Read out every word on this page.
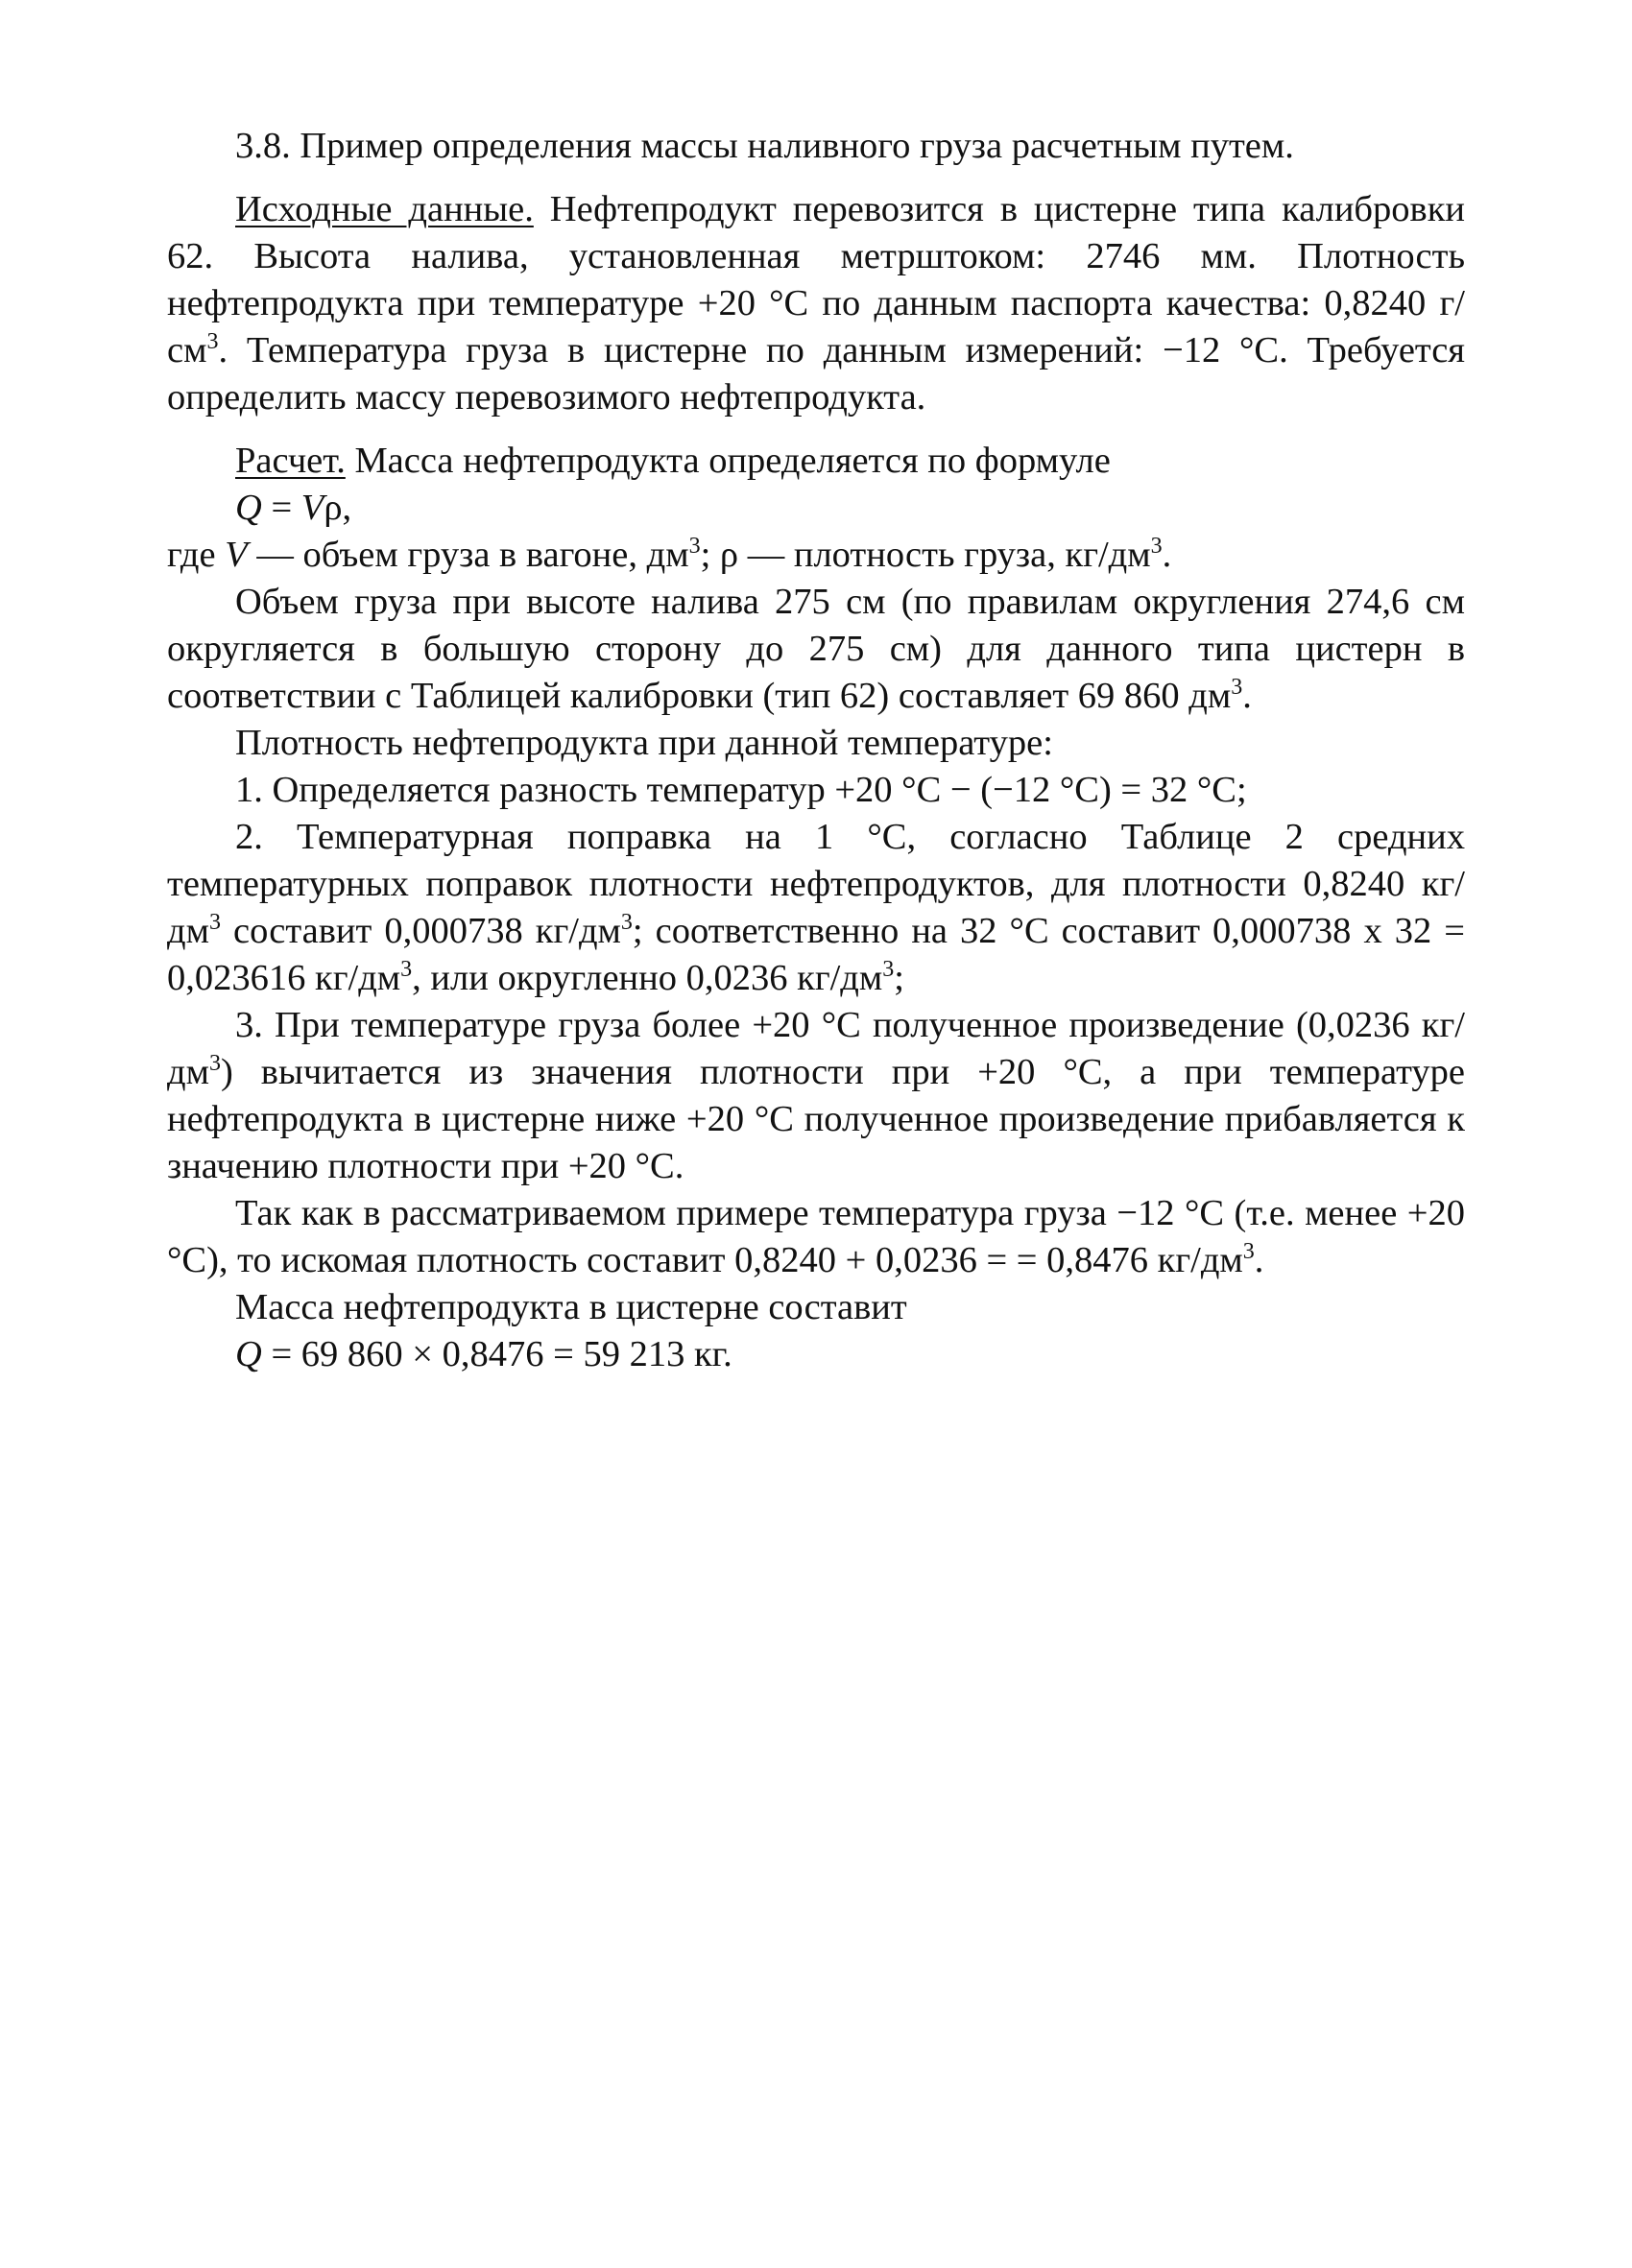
3.8. Пример определения массы наливного груза расчетным путем.

Исходные данные. Нефтепродукт перевозится в цистерне типа калибровки 62. Высота налива, установленная метрштоком: 2746 мм. Плотность нефтепродукта при температуре +20 °С по данным паспорта качества: 0,8240 $г/см^3$. Температура груза в цистерне по данным измерений: −12 °С. Требуется определить массу перевозимого нефтепродукта.

Расчет. Масса нефтепродукта определяется по формуле

Q = Vρ,

где V — объем груза в вагоне, $дм^3$; ρ — плотность груза, $кг/дм^3$.

Объем груза при высоте налива 275 см (по правилам округления 274,6 см округляется в большую сторону до 275 см) для данного типа цистерн в соответствии с Таблицей калибровки (тип 62) составляет 69 860 $дм^3$.

Плотность нефтепродукта при данной температуре:

1. Определяется разность температур +20 °С − (−12 °С) = 32 °С;

2. Температурная поправка на 1 °С, согласно Таблице 2 средних температурных поправок плотности нефтепродуктов, для плотности 0,8240 $кг/дм^3$ составит 0,000738 $кг/дм^3$; соответственно на 32 °С составит 0,000738 х 32 = 0,023616 $кг/дм^3$, или округленно 0,0236 $кг/дм^3$;

3. При температуре груза более +20 °С полученное произведение (0,0236 $кг/дм^3$) вычитается из значения плотности при +20 °С, а при температуре нефтепродукта в цистерне ниже +20 °С полученное произведение прибавляется к значению плотности при +20 °С.

Так как в рассматриваемом примере температура груза −12 °С (т.е. менее +20 °С), то искомая плотность составит 0,8240 + 0,0236 = = 0,8476 $кг/дм^3$.

Масса нефтепродукта в цистерне составит

Q = 69 860 × 0,8476 = 59 213 кг.
